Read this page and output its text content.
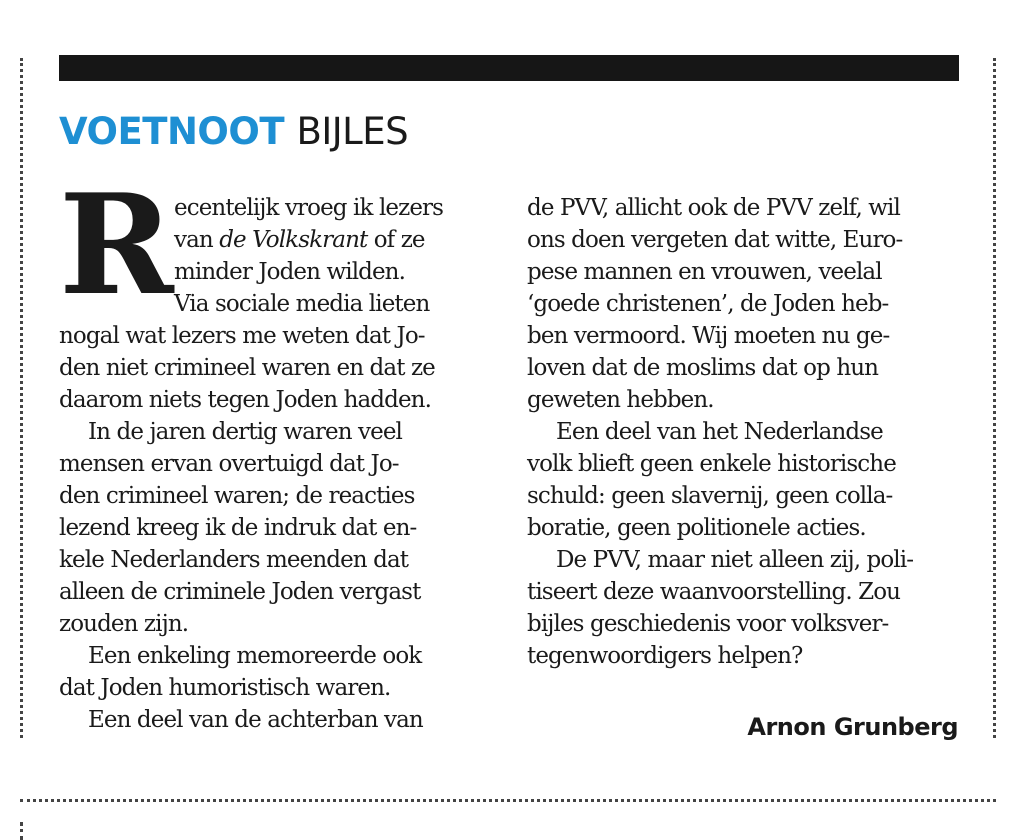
VOETNOOT BIJLES
R ecentelijk vroeg ik lezers

van de Volkskrant of ze

minder Joden wilden.

Via sociale media lieten

nogal wat lezers me weten dat Jo-

den niet crimineel waren en dat ze

daarom niets tegen Joden hadden.

In de jaren dertig waren veel

mensen ervan overtuigd dat Jo-

den crimineel waren; de reacties

lezend kreeg ik de indruk dat en-

kele Nederlanders meenden dat

alleen de criminele Joden vergast

zouden zijn.

Een enkeling memoreerde ook

dat Joden humoristisch waren.

Een deel van de achterban van

de PVV, allicht ook de PVV zelf, wil

ons doen vergeten dat witte, Euro-

pese mannen en vrouwen, veelal

‘goede christenen’, de Joden heb-

ben vermoord. Wij moeten nu ge-

loven dat de moslims dat op hun

geweten hebben.

Een deel van het Nederlandse

volk blieft geen enkele historische

schuld: geen slavernij, geen colla-

boratie, geen politionele acties.

De PVV, maar niet alleen zij, poli-

tiseert deze waanvoorstelling. Zou

bijles geschiedenis voor volksver-

tegenwoordigers helpen?

Arnon Grunberg
